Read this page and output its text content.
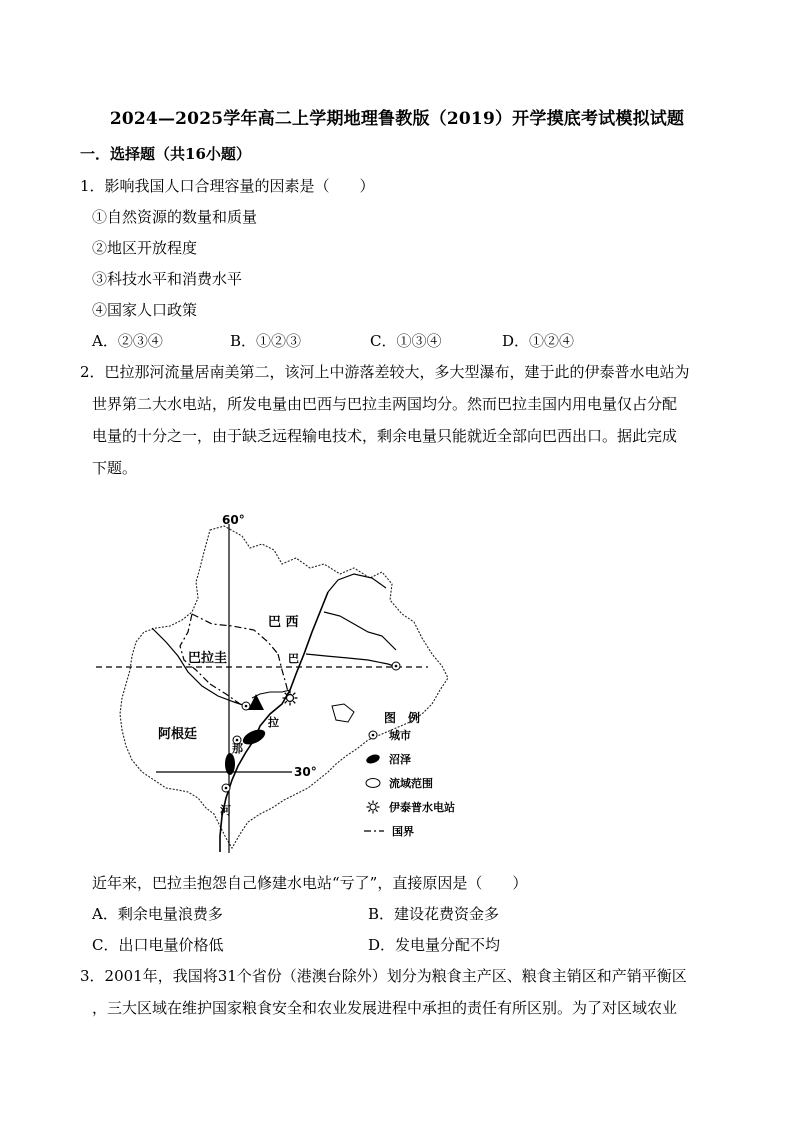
2024—2025学年高二上学期地理鲁教版（2019）开学摸底考试模拟试题
一．选择题（共16小题）
1．影响我国人口合理容量的因素是（　　）
①自然资源的数量和质量
②地区开放程度
③科技水平和消费水平
④国家人口政策
A．②③④	B．①②③	C．①③④	D．①②④
2．巴拉那河流量居南美第二，该河上中游落差较大，多大型瀑布，建于此的伊泰普水电站为
世界第二大水电站，所发电量由巴西与巴拉圭两国均分。然而巴拉圭国内用电量仅占分配
电量的十分之一，由于缺乏远程输电技术，剩余电量只能就近全部向巴西出口。据此完成
下题。
60°
30°
巴 西
巴拉圭
阿根廷
巴
拉
那
河
图　例
城市
沼泽
流域范围
伊泰普水电站
国界
近年来，巴拉圭抱怨自己修建水电站“亏了”，直接原因是（　　）
A．剩余电量浪费多	B．建设花费资金多
C．出口电量价格低	D．发电量分配不均
3．2001年，我国将31个省份（港澳台除外）划分为粮食主产区、粮食主销区和产销平衡区
，三大区域在维护国家粮食安全和农业发展进程中承担的责任有所区别。为了对区域农业
